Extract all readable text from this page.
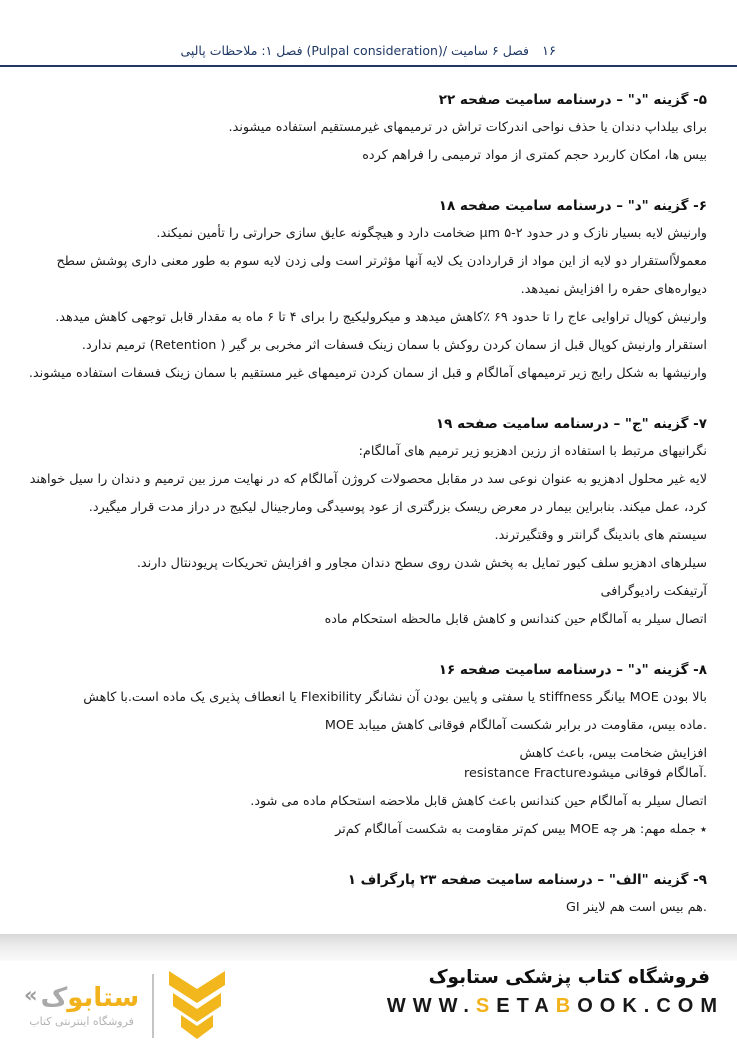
۱۶
فصل ۶ سامیت /(Pulpal consideration) فصل ۱: ملاحظات پالپی
۵- گزینه "د" – درسنامه سامیت صفحه ۲۲
برای بیلداپ دندان یا حذف نواحی اندرکات تراش در ترمیمهای غیرمستقیم استفاده میشوند.
بیس ها، امکان کاربرد حجم کمتری از مواد ترمیمی را فراهم کرده
۶- گزینه "د" – درسنامه سامیت صفحه ۱۸
وارنیش لایه بسیار نازک و در حدود ۲-۵ μm ضخامت دارد و هیچگونه عایق سازی حرارتی را تأمین نمیکند.
معمولاًاستقرار دو لایه از این مواد از قراردادن یک لایه آنها مؤثرتر است ولی زدن لایه سوم به طور معنی داری پوشش سطح
دیواره‌های حفره را افزایش نمیدهد.
وارنیش کوپال تراوایی عاج را تا حدود ۶۹ ٪کاهش میدهد و میکرولیکیج را برای ۴ تا ۶ ماه به مقدار قابل توجهی کاهش میدهد.
استقرار وارنیش کوپال قبل از سمان کردن روکش با سمان زینک فسفات اثر مخربی بر گیر ( Retention) ترمیم ندارد.
وارنیشها به شکل رایج زیر ترمیمهای آمالگام و قبل از سمان کردن ترمیمهای غیر مستقیم با سمان زینک فسفات استفاده میشوند.
۷- گزینه "ج" – درسنامه سامیت صفحه ۱۹
نگرانیهای مرتبط با استفاده از رزین ادهزیو زیر ترمیم های آمالگام:
لایه غیر محلول ادهزیو به عنوان نوعی سد در مقابل محصولات کروژن آمالگام که در نهایت مرز بین ترمیم و دندان را سیل خواهند
کرد، عمل میکند. بنابراین بیمار در معرض ریسک بزرگتری از عود پوسیدگی ومارجینال لیکیج در دراز مدت قرار میگیرد.
سیستم های باندینگ گرانتر و وقتگیرترند.
سیلرهای ادهزیو سلف کیور تمایل به پخش شدن روی سطح دندان مجاور و افزایش تحریکات پریودنتال دارند.
آرتیفکت رادیوگرافی
اتصال سیلر به آمالگام حین کندانس و کاهش قابل مالحظه استحکام ماده
۸- گزینه "د" – درسنامه سامیت صفحه ۱۶
بالا بودن MOE بیانگر stiffness یا سفتی و پایین بودن آن نشانگر Flexibility یا انعطاف پذیری یک ماده است.با کاهش
MOE ماده بیس، مقاومت در برابر شکست آمالگام فوقانی کاهش مییابد.
افزایش ضخامت بیس، باعث کاهش
resistance Fractureآمالگام فوقانی میشود.
اتصال سیلر به آمالگام حین کندانس باعث کاهش قابل ملاحضه استحکام ماده می شود.
٭ جمله مهم: هر چه MOE بیس کم‌تر مقاومت به شکست آمالگام کم‌تر
۹- گزینه "الف" – درسنامه سامیت صفحه ۲۳ پارگراف ۱
GI هم بیس است هم لاینر.
«	ستابوک
فروشگاه اینترنتی کتاب
فروشگاه کتاب پزشکی ستابوک
WWW.SETABOOK.COM
